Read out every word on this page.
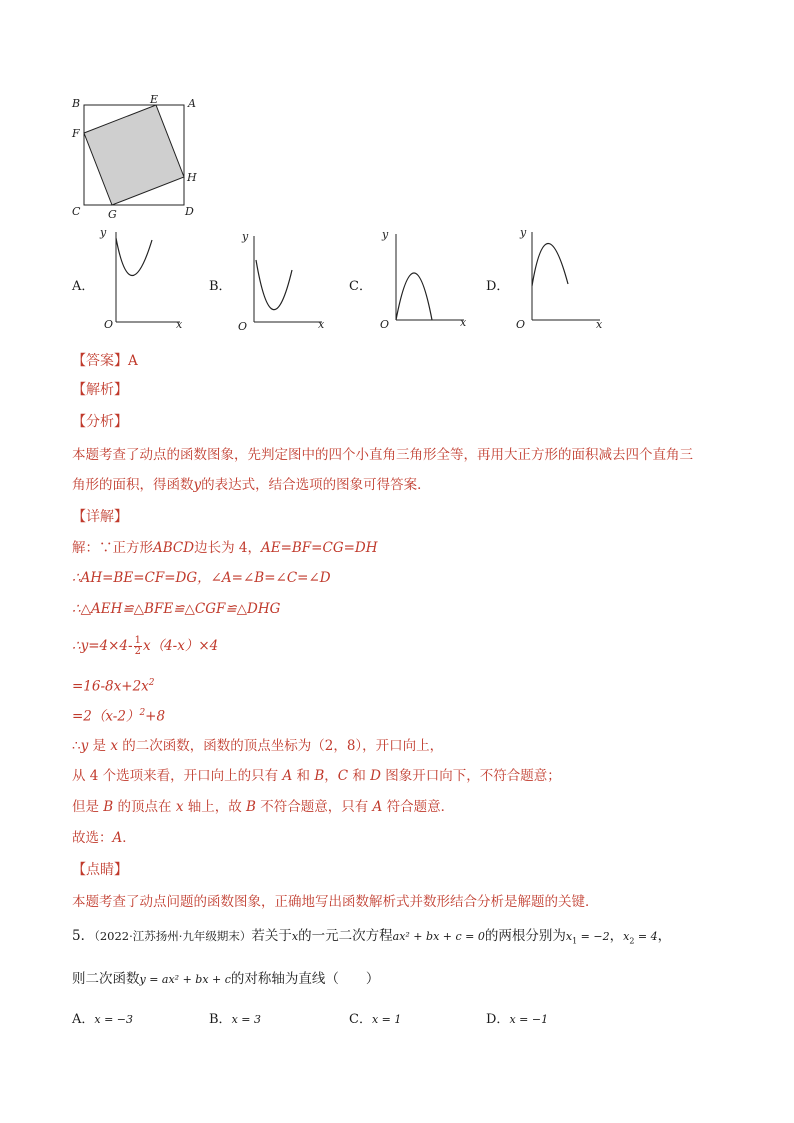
B	E	A
F
H
C	G	D
A．
y
x
O
B．
y
x
O
C．
y
x
O
D．
y
x
O
【答案】A
【解析】
【分析】
本题考查了动点的函数图象，先判定图中的四个小直角三角形全等，再用大正方形的面积减去四个直角三
角形的面积，得函数y的表达式，结合选项的图象可得答案．
【详解】
解：∵正方形ABCD边长为 4，AE=BF=CG=DH
∴AH=BE=CF=DG，∠A=∠B=∠C=∠D
∴△AEH≌△BFE≌△CGF≌△DHG
∴y=4×4- $\frac{1}{2} x(4-x)\times 4$
$=16-8x+2x^2$
$=2(x-2)^2+8$
∴y 是 x 的二次函数，函数的顶点坐标为（2，8），开口向上，
从 4 个选项来看，开口向上的只有 A 和 B，C 和 D 图象开口向下，不符合题意；
但是 B 的顶点在 x 轴上，故 B 不符合题意，只有 A 符合题意．
故选：A．
【点睛】
本题考查了动点问题的函数图象，正确地写出函数解析式并数形结合分析是解题的关键．
5．（2022·江苏扬州·九年级期末）若关于x的一元二次方程ax² + bx + c = 0的两根分别为$x_1 = -2$，$x_2 = 4$，
则二次函数y = ax² + bx + c的对称轴为直线（　　）
A．x = −3	B．x = 3	C．x = 1	D．x = −1
